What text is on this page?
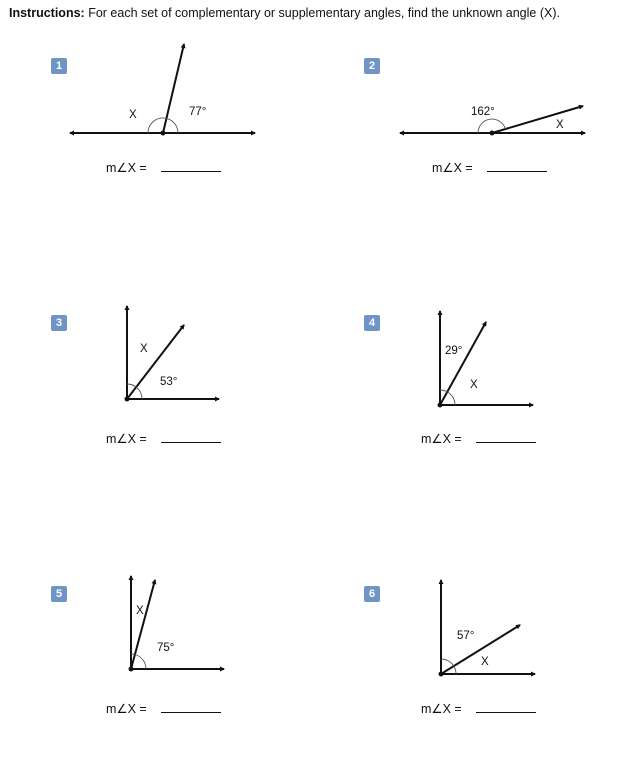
Instructions: For each set of complementary or supplementary angles, find the unknown angle (X).
1	2
3	4
5	6
m∠X =	m∠X =
m∠X =	m∠X =
m∠X =	m∠X =
X	77°	162°
X
X
53°
29°
X
X
75°
57°
X
